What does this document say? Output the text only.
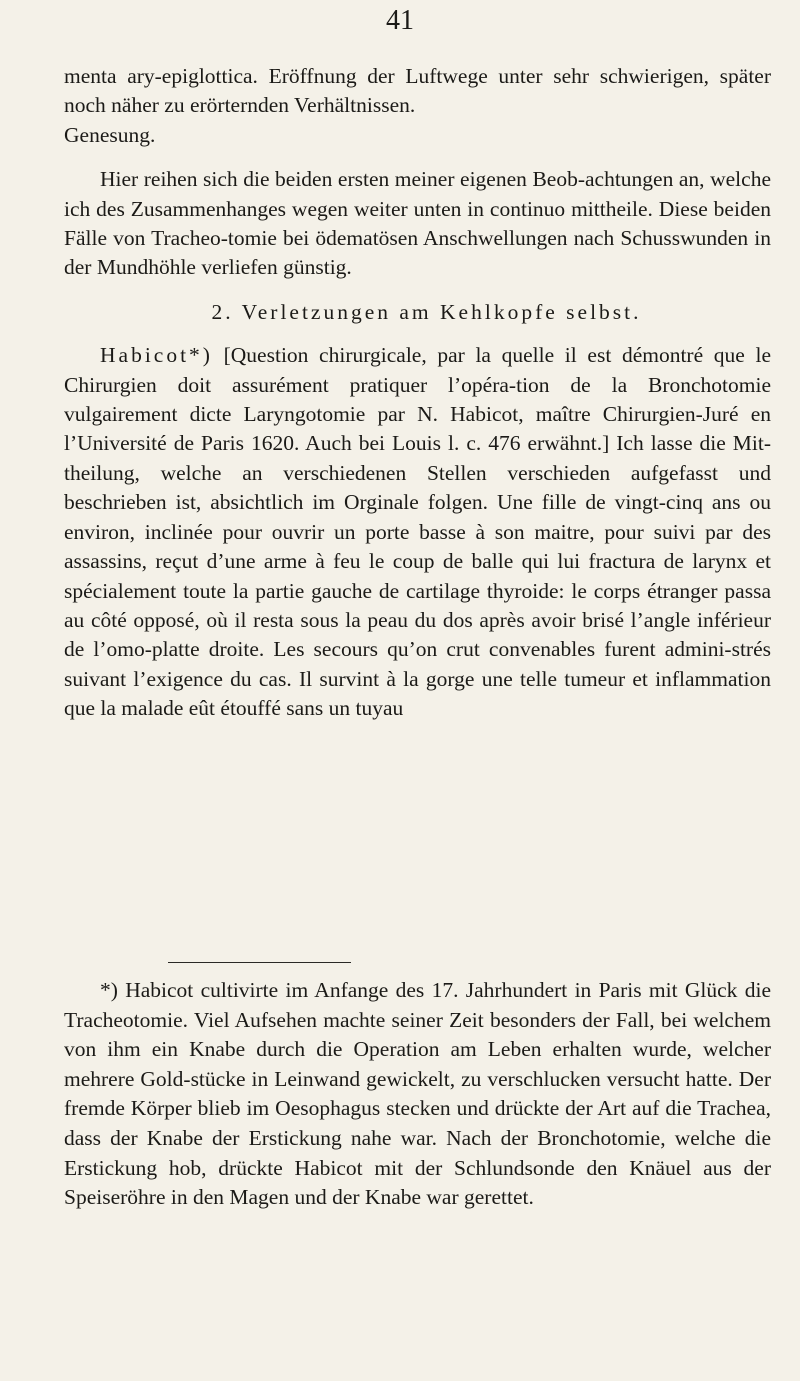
41

menta ary-epiglottica. Eröffnung der Luftwege unter sehr schwierigen, später noch näher zu erörternden Verhältnissen.

Genesung.

Hier reihen sich die beiden ersten meiner eigenen Beob-achtungen an, welche ich des Zusammenhanges wegen weiter unten in continuo mittheile. Diese beiden Fälle von Tracheo-tomie bei ödematösen Anschwellungen nach Schusswunden in der Mundhöhle verliefen günstig.

2. Verletzungen am Kehlkopfe selbst.

Habicot*) [Question chirurgicale, par la quelle il est démontré que le Chirurgien doit assurément pratiquer l’opéra-tion de la Bronchotomie vulgairement dicte Laryngotomie par N. Habicot, maître Chirurgien-Juré en l’Université de Paris 1620. Auch bei Louis l. c. 476 erwähnt.] Ich lasse die Mit-theilung, welche an verschiedenen Stellen verschieden aufgefasst und beschrieben ist, absichtlich im Orginale folgen. Une fille de vingt-cinq ans ou environ, inclinée pour ouvrir un porte basse à son maitre, pour suivi par des assassins, reçut d’une arme à feu le coup de balle qui lui fractura de larynx et spécialement toute la partie gauche de cartilage thyroide: le corps étranger passa au côté opposé, où il resta sous la peau du dos après avoir brisé l’angle inférieur de l’omo-platte droite. Les secours qu’on crut convenables furent admini-strés suivant l’exigence du cas. Il survint à la gorge une telle tumeur et inflammation que la malade eût étouffé sans un tuyau

*) Habicot cultivirte im Anfange des 17. Jahrhundert in Paris mit Glück die Tracheotomie. Viel Aufsehen machte seiner Zeit besonders der Fall, bei welchem von ihm ein Knabe durch die Operation am Leben erhalten wurde, welcher mehrere Gold-stücke in Leinwand gewickelt, zu verschlucken versucht hatte. Der fremde Körper blieb im Oesophagus stecken und drückte der Art auf die Trachea, dass der Knabe der Erstickung nahe war. Nach der Bronchotomie, welche die Erstickung hob, drückte Habicot mit der Schlundsonde den Knäuel aus der Speiseröhre in den Magen und der Knabe war gerettet.
